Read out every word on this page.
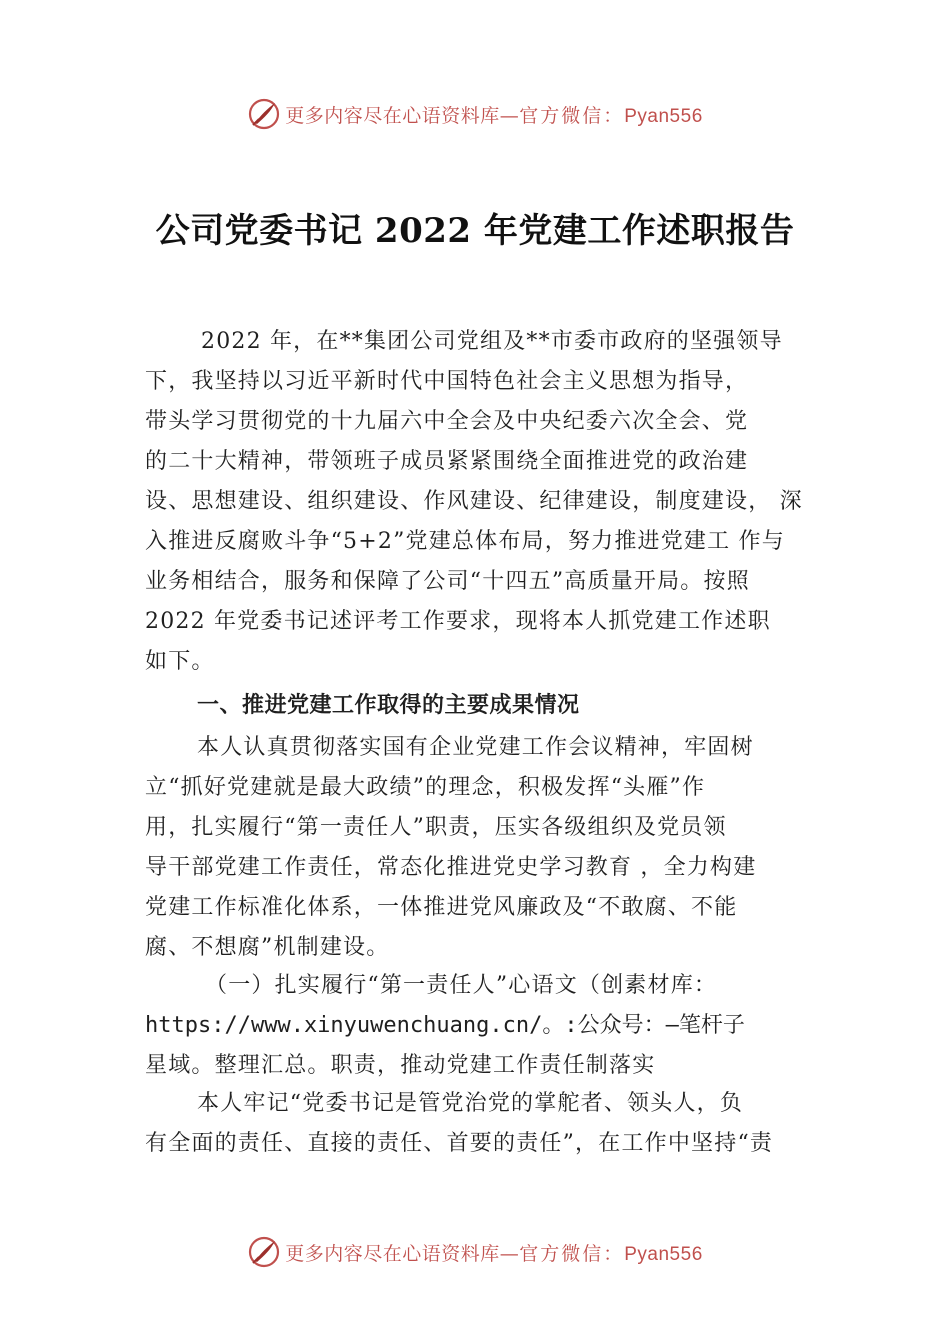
更多内容尽在心语资料库—官方微信：Pyan556
公司党委书记 2022 年党建工作述职报告
2022 年，在**集团公司党组及**市委市政府的坚强领导
下，我坚持以习近平新时代中国特色社会主义思想为指导，
带头学习贯彻党的十九届六中全会及中央纪委六次全会、党
的二十大精神，带领班子成员紧紧围绕全面推进党的政治建
设、思想建设、组织建设、作风建设、纪律建设，制度建设， 深
入推进反腐败斗争“5+2”党建总体布局，努力推进党建工 作与
业务相结合，服务和保障了公司“十四五”高质量开局。按照
2022 年党委书记述评考工作要求，现将本人抓党建工作述职
如下。
一、推进党建工作取得的主要成果情况
本人认真贯彻落实国有企业党建工作会议精神，牢固树
立“抓好党建就是最大政绩”的理念，积极发挥“头雁”作
用，扎实履行“第一责任人”职责，压实各级组织及党员领
导干部党建工作责任，常态化推进党史学习教育 ，全力构建
党建工作标准化体系，一体推进党风廉政及“不敢腐、不能
腐、不想腐”机制建设。
（一）扎实履行“第一责任人”心语文（创素材库：
https://www.xinyuwenchuang.cn/。:公众号：—笔杆子
星域。整理汇总。职责，推动党建工作责任制落实
本人牢记“党委书记是管党治党的掌舵者、领头人，负
有全面的责任、直接的责任、首要的责任”，在工作中坚持“责
更多内容尽在心语资料库—官方微信：Pyan556
